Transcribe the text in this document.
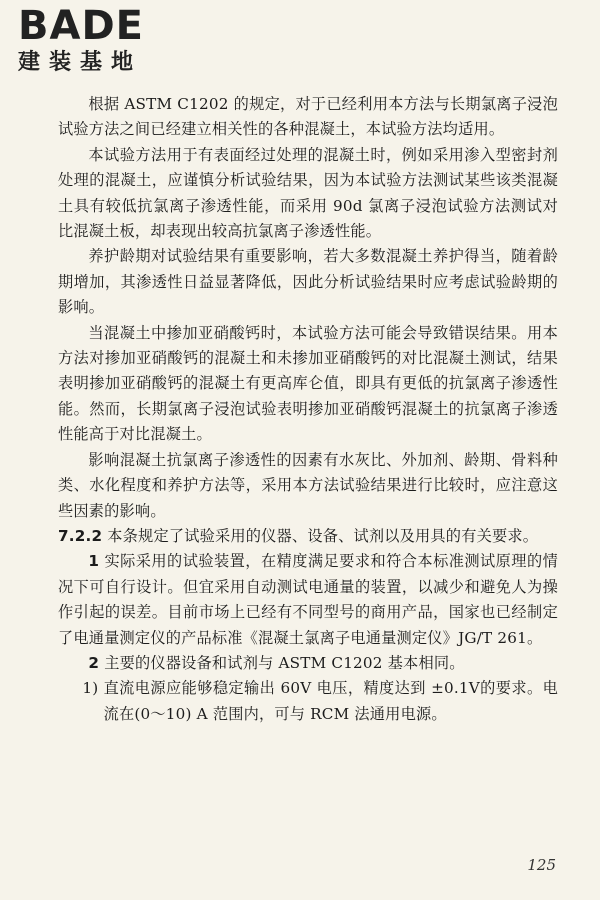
BADE
建装基地

根据 ASTM C1202 的规定，对于已经利用本方法与长期氯离子浸泡试验方法之间已经建立相关性的各种混凝土，本试验方法均适用。

本试验方法用于有表面经过处理的混凝土时，例如采用渗入型密封剂处理的混凝土，应谨慎分析试验结果，因为本试验方法测试某些该类混凝土具有较低抗氯离子渗透性能，而采用 90d 氯离子浸泡试验方法测试对比混凝土板，却表现出较高抗氯离子渗透性能。

养护龄期对试验结果有重要影响，若大多数混凝土养护得当，随着龄期增加，其渗透性日益显著降低，因此分析试验结果时应考虑试验龄期的影响。

当混凝土中掺加亚硝酸钙时，本试验方法可能会导致错误结果。用本方法对掺加亚硝酸钙的混凝土和未掺加亚硝酸钙的对比混凝土测试，结果表明掺加亚硝酸钙的混凝土有更高库仑值，即具有更低的抗氯离子渗透性能。然而，长期氯离子浸泡试验表明掺加亚硝酸钙混凝土的抗氯离子渗透性能高于对比混凝土。

影响混凝土抗氯离子渗透性的因素有水灰比、外加剂、龄期、骨料种类、水化程度和养护方法等，采用本方法试验结果进行比较时，应注意这些因素的影响。

7.2.2 本条规定了试验采用的仪器、设备、试剂以及用具的有关要求。

1 实际采用的试验装置，在精度满足要求和符合本标准测试原理的情况下可自行设计。但宜采用自动测试电通量的装置，以减少和避免人为操作引起的误差。目前市场上已经有不同型号的商用产品，国家也已经制定了电通量测定仪的产品标准《混凝土氯离子电通量测定仪》JG/T 261。

2 主要的仪器设备和试剂与 ASTM C1202 基本相同。

1) 直流电源应能够稳定输出 60V 电压，精度达到 ±0.1V的要求。电流在(0～10) A 范围内，可与 RCM 法通用电源。

125
